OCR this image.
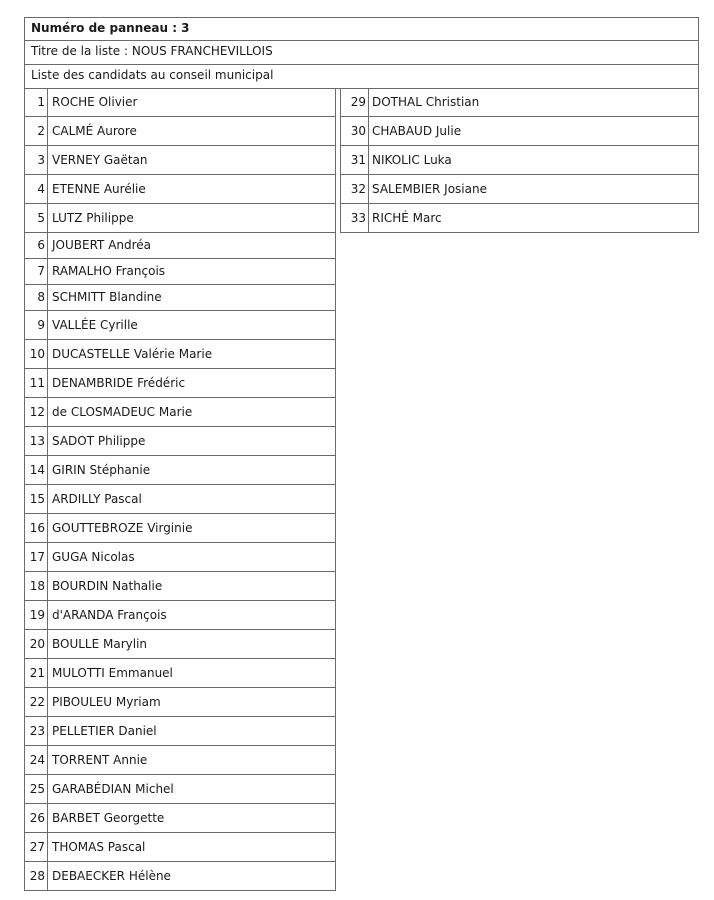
Numéro de panneau : 3
Titre de la liste : NOUS FRANCHEVILLOIS
Liste des candidats au conseil municipal
1 ROCHE Olivier
2 CALMÉ Aurore
3 VERNEY Gaëtan
4 ETENNE Aurélie
5 LUTZ Philippe
6 JOUBERT Andréa
7 RAMALHO François
8 SCHMITT Blandine
9 VALLÉE Cyrille
10 DUCASTELLE Valérie Marie
11 DENAMBRIDE Frédéric
12 de CLOSMADEUC Marie
13 SADOT Philippe
14 GIRIN Stéphanie
15 ARDILLY Pascal
16 GOUTTEBROZE Virginie
17 GUGA Nicolas
18 BOURDIN Nathalie
19 d'ARANDA François
20 BOULLE Marylin
21 MULOTTI Emmanuel
22 PIBOULEU Myriam
23 PELLETIER Daniel
24 TORRENT Annie
25 GARABÉDIAN Michel
26 BARBET Georgette
27 THOMAS Pascal
28 DEBAECKER Hélène
29 DOTHAL Christian
30 CHABAUD Julie
31 NIKOLIC Luka
32 SALEMBIER Josiane
33 RICHÉ Marc
